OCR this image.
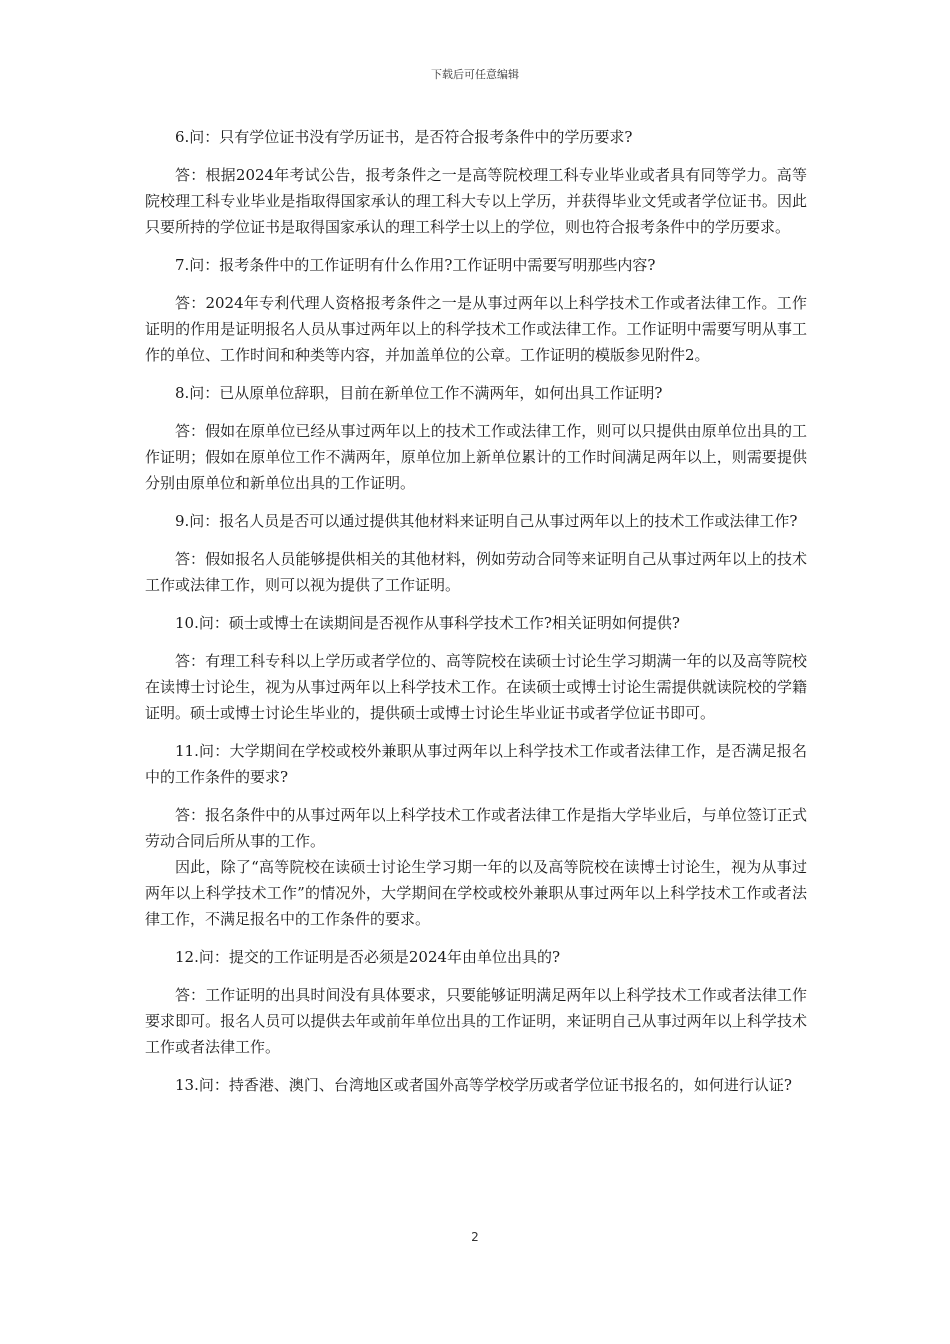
下载后可任意编辑

6.问：只有学位证书没有学历证书，是否符合报考条件中的学历要求?

答：根据2024年考试公告，报考条件之一是高等院校理工科专业毕业或者具有同等学力。高等院校理工科专业毕业是指取得国家承认的理工科大专以上学历，并获得毕业文凭或者学位证书。因此只要所持的学位证书是取得国家承认的理工科学士以上的学位，则也符合报考条件中的学历要求。

7.问：报考条件中的工作证明有什么作用?工作证明中需要写明那些内容?

答：2024年专利代理人资格报考条件之一是从事过两年以上科学技术工作或者法律工作。工作证明的作用是证明报名人员从事过两年以上的科学技术工作或法律工作。工作证明中需要写明从事工作的单位、工作时间和种类等内容，并加盖单位的公章。工作证明的模版参见附件2。

8.问：已从原单位辞职，目前在新单位工作不满两年，如何出具工作证明?

答：假如在原单位已经从事过两年以上的技术工作或法律工作，则可以只提供由原单位出具的工作证明；假如在原单位工作不满两年，原单位加上新单位累计的工作时间满足两年以上，则需要提供分别由原单位和新单位出具的工作证明。

9.问：报名人员是否可以通过提供其他材料来证明自己从事过两年以上的技术工作或法律工作?

答：假如报名人员能够提供相关的其他材料，例如劳动合同等来证明自己从事过两年以上的技术工作或法律工作，则可以视为提供了工作证明。

10.问：硕士或博士在读期间是否视作从事科学技术工作?相关证明如何提供?

答：有理工科专科以上学历或者学位的、高等院校在读硕士讨论生学习期满一年的以及高等院校在读博士讨论生，视为从事过两年以上科学技术工作。在读硕士或博士讨论生需提供就读院校的学籍证明。硕士或博士讨论生毕业的，提供硕士或博士讨论生毕业证书或者学位证书即可。

11.问：大学期间在学校或校外兼职从事过两年以上科学技术工作或者法律工作，是否满足报名中的工作条件的要求?

答：报名条件中的从事过两年以上科学技术工作或者法律工作是指大学毕业后，与单位签订正式劳动合同后所从事的工作。

因此，除了“高等院校在读硕士讨论生学习期一年的以及高等院校在读博士讨论生，视为从事过两年以上科学技术工作”的情况外，大学期间在学校或校外兼职从事过两年以上科学技术工作或者法律工作，不满足报名中的工作条件的要求。

12.问：提交的工作证明是否必须是2024年由单位出具的?

答：工作证明的出具时间没有具体要求，只要能够证明满足两年以上科学技术工作或者法律工作要求即可。报名人员可以提供去年或前年单位出具的工作证明，来证明自己从事过两年以上科学技术工作或者法律工作。

13.问：持香港、澳门、台湾地区或者国外高等学校学历或者学位证书报名的，如何进行认证?

2
